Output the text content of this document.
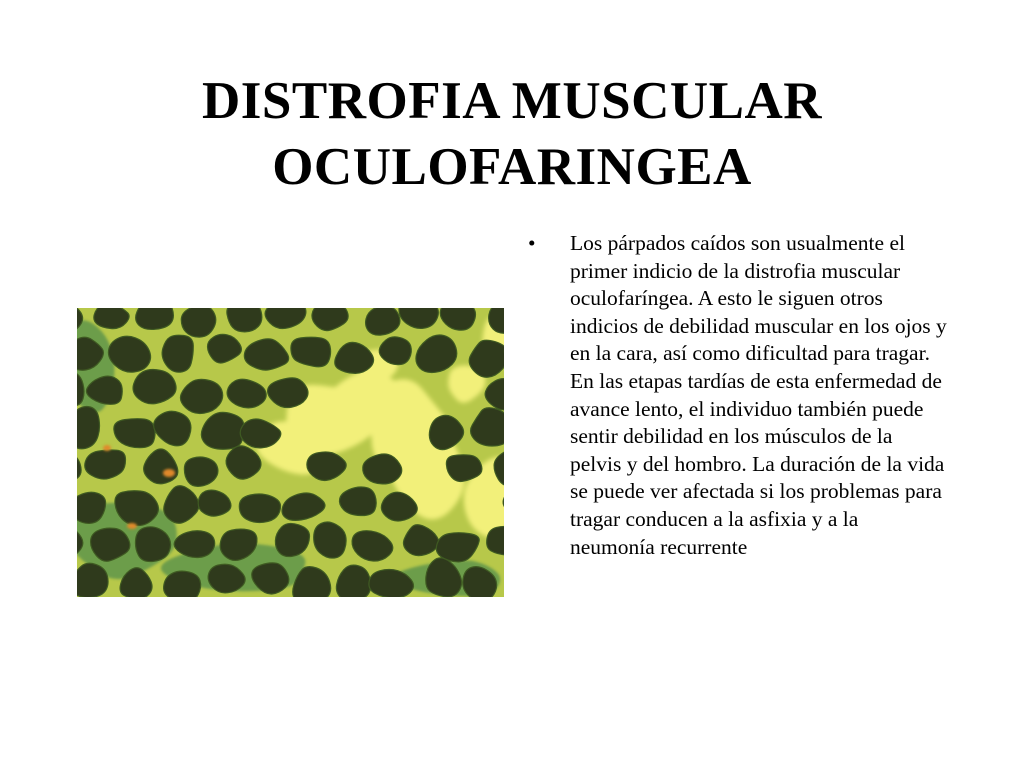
DISTROFIA MUSCULAR
OCULOFARINGEA
• Los párpados caídos son usualmente el primer indicio de la distrofia muscular oculofaríngea. A esto le siguen otros indicios de debilidad muscular en los ojos y en la cara, así como dificultad para tragar. En las etapas tardías de esta enfermedad de avance lento, el individuo también puede sentir debilidad en los músculos de la pelvis y del hombro. La duración de la vida se puede ver afectada si los problemas para tragar conducen a la asfixia y a la neumonía recurrente
